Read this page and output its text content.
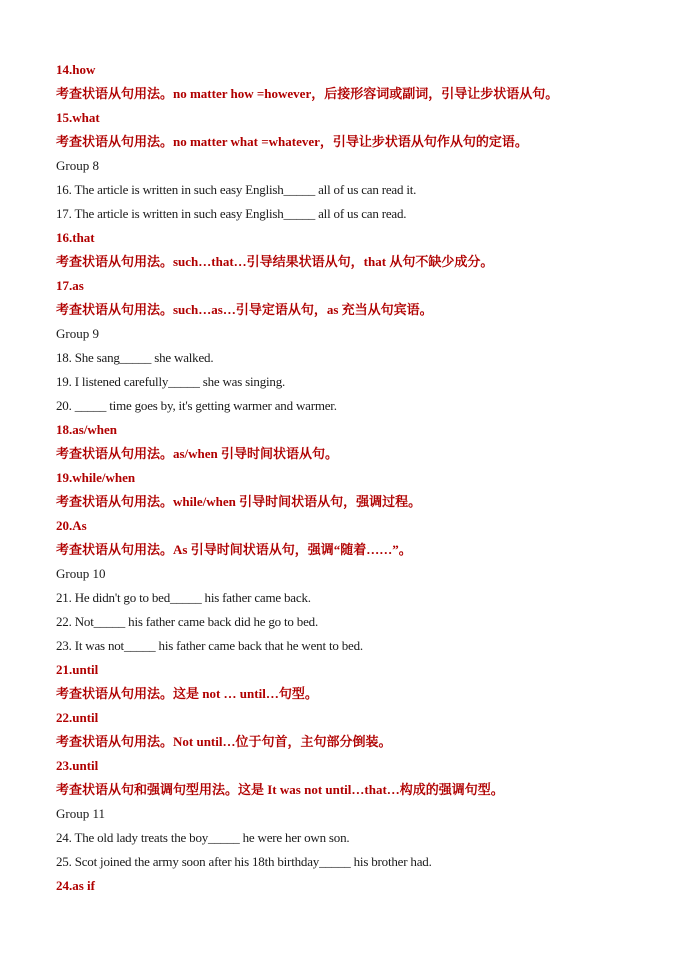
14.how
考查状语从句用法。no matter how =however，后接形容词或副词，引导让步状语从句。
15.what
考查状语从句用法。no matter what =whatever，引导让步状语从句作从句的定语。
Group 8
16. The article is written in such easy English_____ all of us can read it.
17. The article is written in such easy English_____ all of us can read.
16.that
考查状语从句用法。such…that…引导结果状语从句，that 从句不缺少成分。
17.as
考查状语从句用法。such…as…引导定语从句，as 充当从句宾语。
Group 9
18. She sang_____ she walked.
19. I listened carefully_____ she was singing.
20. _____ time goes by, it's getting warmer and warmer.
18.as/when
考查状语从句用法。as/when 引导时间状语从句。
19.while/when
考查状语从句用法。while/when 引导时间状语从句，强调过程。
20.As
考查状语从句用法。As 引导时间状语从句，强调“随着……”。
Group 10
21. He didn't go to bed_____ his father came back.
22. Not_____ his father came back did he go to bed.
23. It was not_____ his father came back that he went to bed.
21.until
考查状语从句用法。这是 not … until…句型。
22.until
考查状语从句用法。Not until…位于句首，主句部分倒装。
23.until
考查状语从句和强调句型用法。这是 It was not until…that…构成的强调句型。
Group 11
24. The old lady treats the boy_____ he were her own son.
25. Scot joined the army soon after his 18th birthday_____ his brother had.
24.as if
